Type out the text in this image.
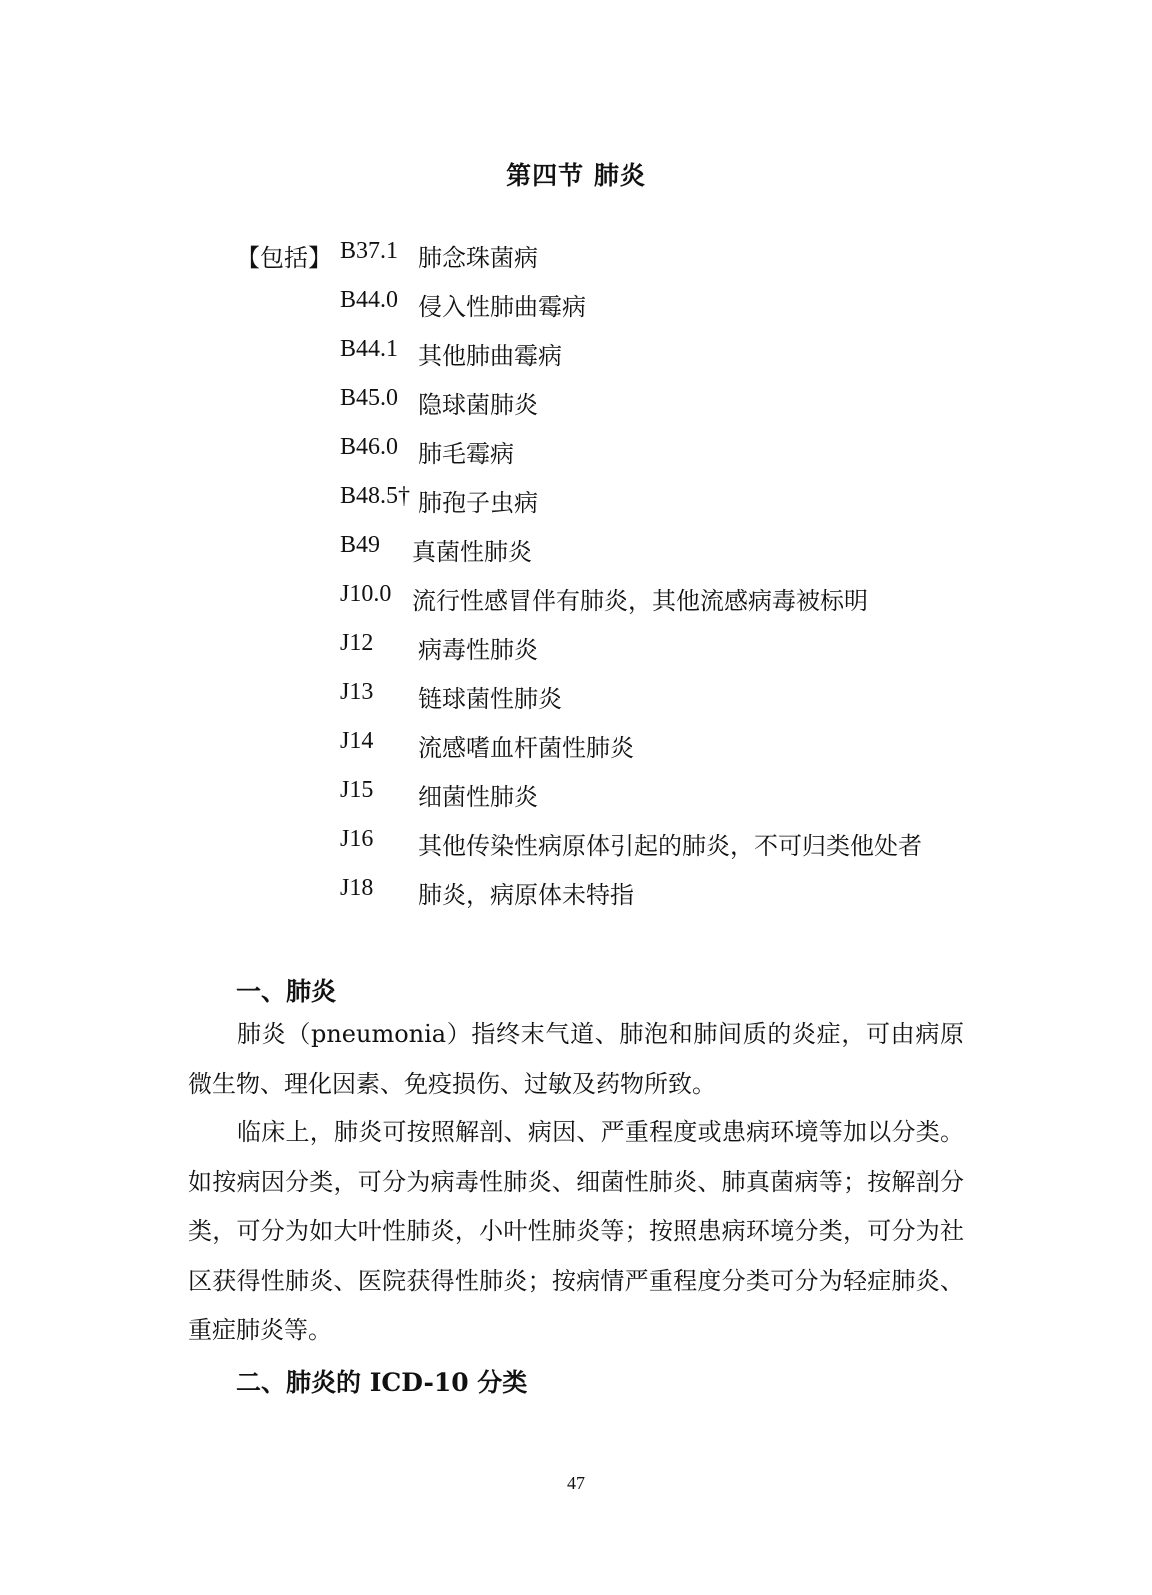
第四节 肺炎
【包括】 B37.1 肺念珠菌病
B44.0 侵入性肺曲霉病
B44.1 其他肺曲霉病
B45.0 隐球菌肺炎
B46.0 肺毛霉病
B48.5† 肺孢子虫病
B49 真菌性肺炎
J10.0 流行性感冒伴有肺炎，其他流感病毒被标明
J12 病毒性肺炎
J13 链球菌性肺炎
J14 流感嗜血杆菌性肺炎
J15 细菌性肺炎
J16 其他传染性病原体引起的肺炎，不可归类他处者
J18 肺炎，病原体未特指
一、肺炎

肺炎（pneumonia）指终末气道、肺泡和肺间质的炎症，可由病原微生物、理化因素、免疫损伤、过敏及药物所致。

临床上，肺炎可按照解剖、病因、严重程度或患病环境等加以分类。如按病因分类，可分为病毒性肺炎、细菌性肺炎、肺真菌病等；按解剖分类，可分为如大叶性肺炎，小叶性肺炎等；按照患病环境分类，可分为社区获得性肺炎、医院获得性肺炎；按病情严重程度分类可分为轻症肺炎、重症肺炎等。

二、肺炎的 ICD-10 分类
47
